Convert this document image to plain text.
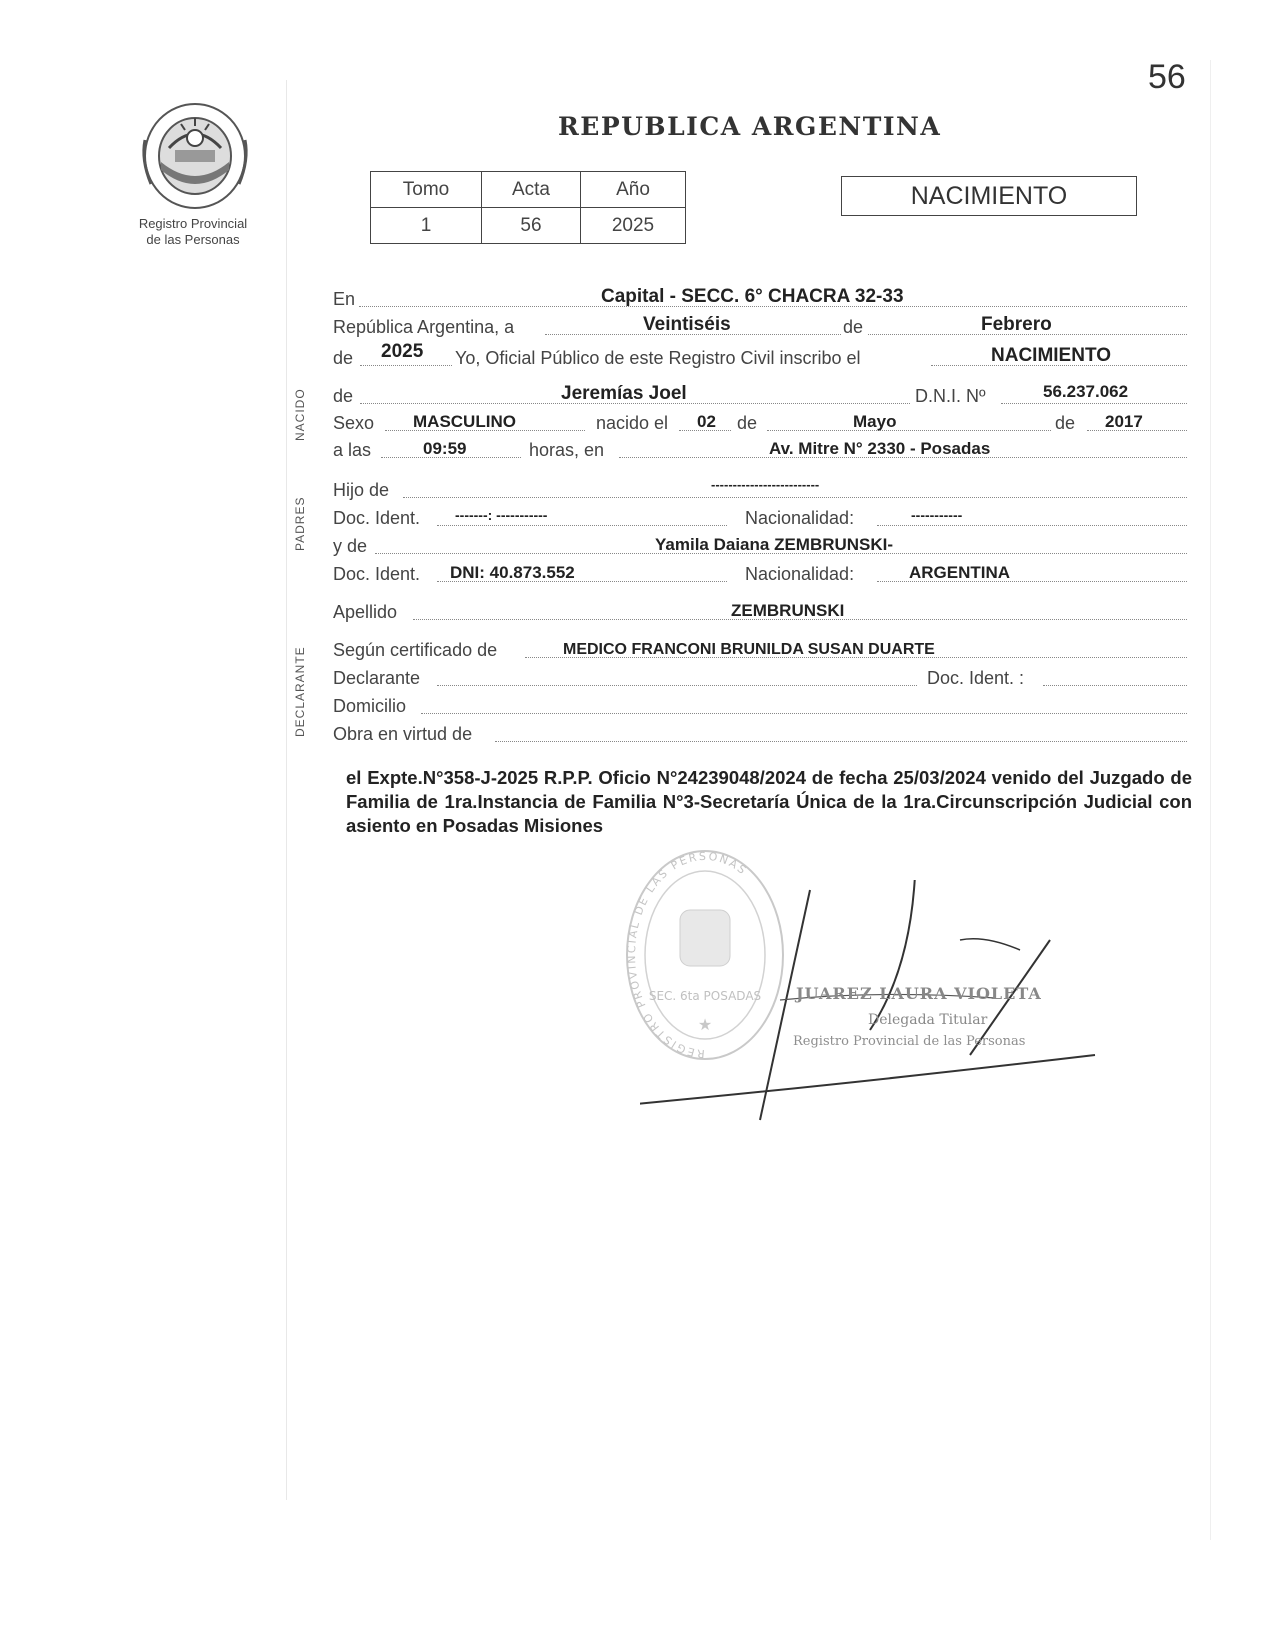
56
Registro Provincial
de las Personas
REPUBLICA ARGENTINA
Tomo	Acta	Año
1	56	2025
NACIMIENTO
NACIDO
PADRES
DECLARANTE
En	Capital - SECC. 6° CHACRA 32-33
República Argentina, a	Veintiséis	de	Febrero
de 2025 Yo, Oficial Público de este Registro Civil inscribo el	NACIMIENTO
de	Jeremías Joel	D.N.I. Nº	56.237.062
Sexo MASCULINO	nacido el 02 de	Mayo	de 2017
a las	09:59	horas, en	Av. Mitre N° 2330 - Posadas
Hijo de	-------------------------
Doc. Ident. -------: -----------	Nacionalidad:	-----------
y de	Yamila Daiana ZEMBRUNSKI-
Doc. Ident. DNI: 40.873.552	Nacionalidad:	ARGENTINA
Apellido	ZEMBRUNSKI
Según certificado de	MEDICO FRANCONI BRUNILDA SUSAN DUARTE
Declarante	Doc. Ident. :
Domicilio
Obra en virtud de
el Expte.N°358-J-2025 R.P.P. Oficio N°24239048/2024 de fecha 25/03/2024 venido del Juzgado de Familia de 1ra.Instancia de Familia N°3-Secretaría Única de la 1ra.Circunscripción Judicial con asiento en Posadas Misiones
REGISTRO PROVINCIAL DE LAS PERSONAS
SEC. 6ta POSADAS
★
JUAREZ LAURA VIOLETA
Delegada Titular
Registro Provincial de las Personas
